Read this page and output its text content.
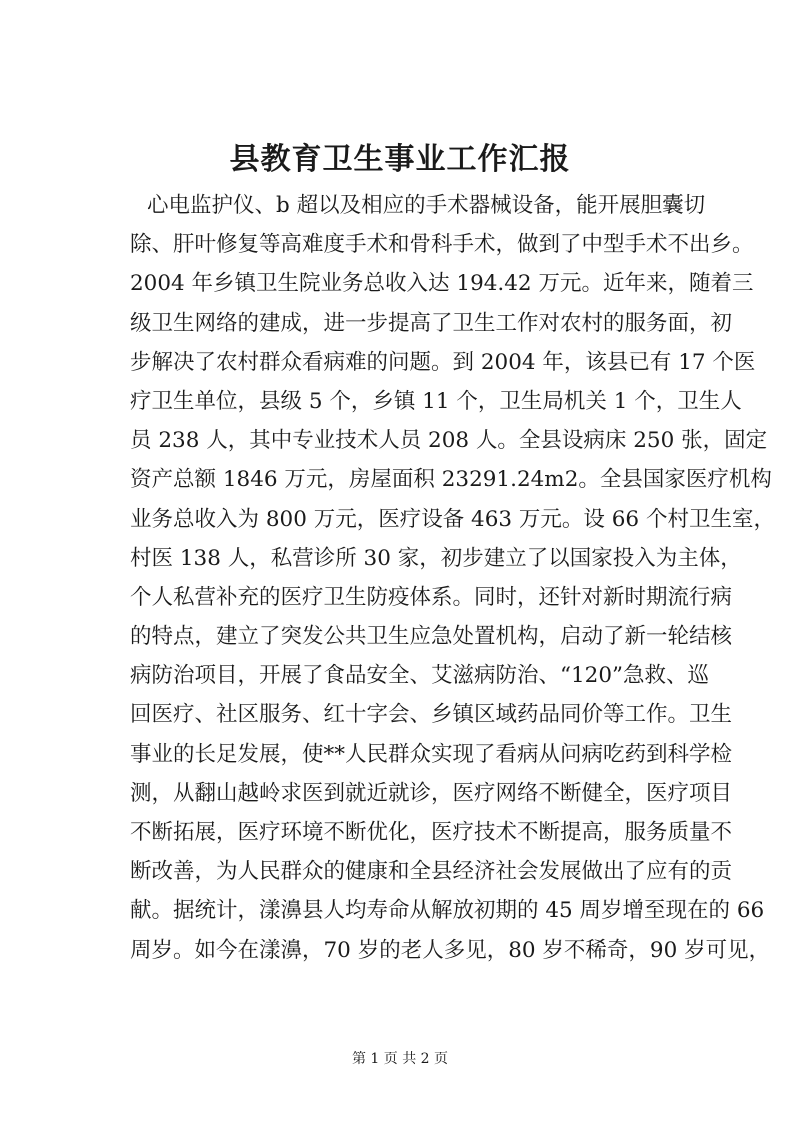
县教育卫生事业工作汇报
心电监护仪、b 超以及相应的手术器械设备，能开展胆囊切
除、肝叶修复等高难度手术和骨科手术，做到了中型手术不出乡。
2004 年乡镇卫生院业务总收入达 194.42 万元。近年来，随着三
级卫生网络的建成，进一步提高了卫生工作对农村的服务面，初
步解决了农村群众看病难的问题。到 2004 年，该县已有 17 个医
疗卫生单位，县级 5 个，乡镇 11 个，卫生局机关 1 个，卫生人
员 238 人，其中专业技术人员 208 人。全县设病床 250 张，固定
资产总额 1846 万元，房屋面积 23291.24m2。全县国家医疗机构
业务总收入为 800 万元，医疗设备 463 万元。设 66 个村卫生室，
村医 138 人，私营诊所 30 家，初步建立了以国家投入为主体，
个人私营补充的医疗卫生防疫体系。同时，还针对新时期流行病
的特点，建立了突发公共卫生应急处置机构，启动了新一轮结核
病防治项目，开展了食品安全、艾滋病防治、“120”急救、巡
回医疗、社区服务、红十字会、乡镇区域药品同价等工作。卫生
事业的长足发展，使**人民群众实现了看病从问病吃药到科学检
测，从翻山越岭求医到就近就诊，医疗网络不断健全，医疗项目
不断拓展，医疗环境不断优化，医疗技术不断提高，服务质量不
断改善，为人民群众的健康和全县经济社会发展做出了应有的贡
献。据统计，漾濞县人均寿命从解放初期的 45 周岁增至现在的 66
周岁。如今在漾濞，70 岁的老人多见，80 岁不稀奇，90 岁可见，
第 1 页 共 2 页
